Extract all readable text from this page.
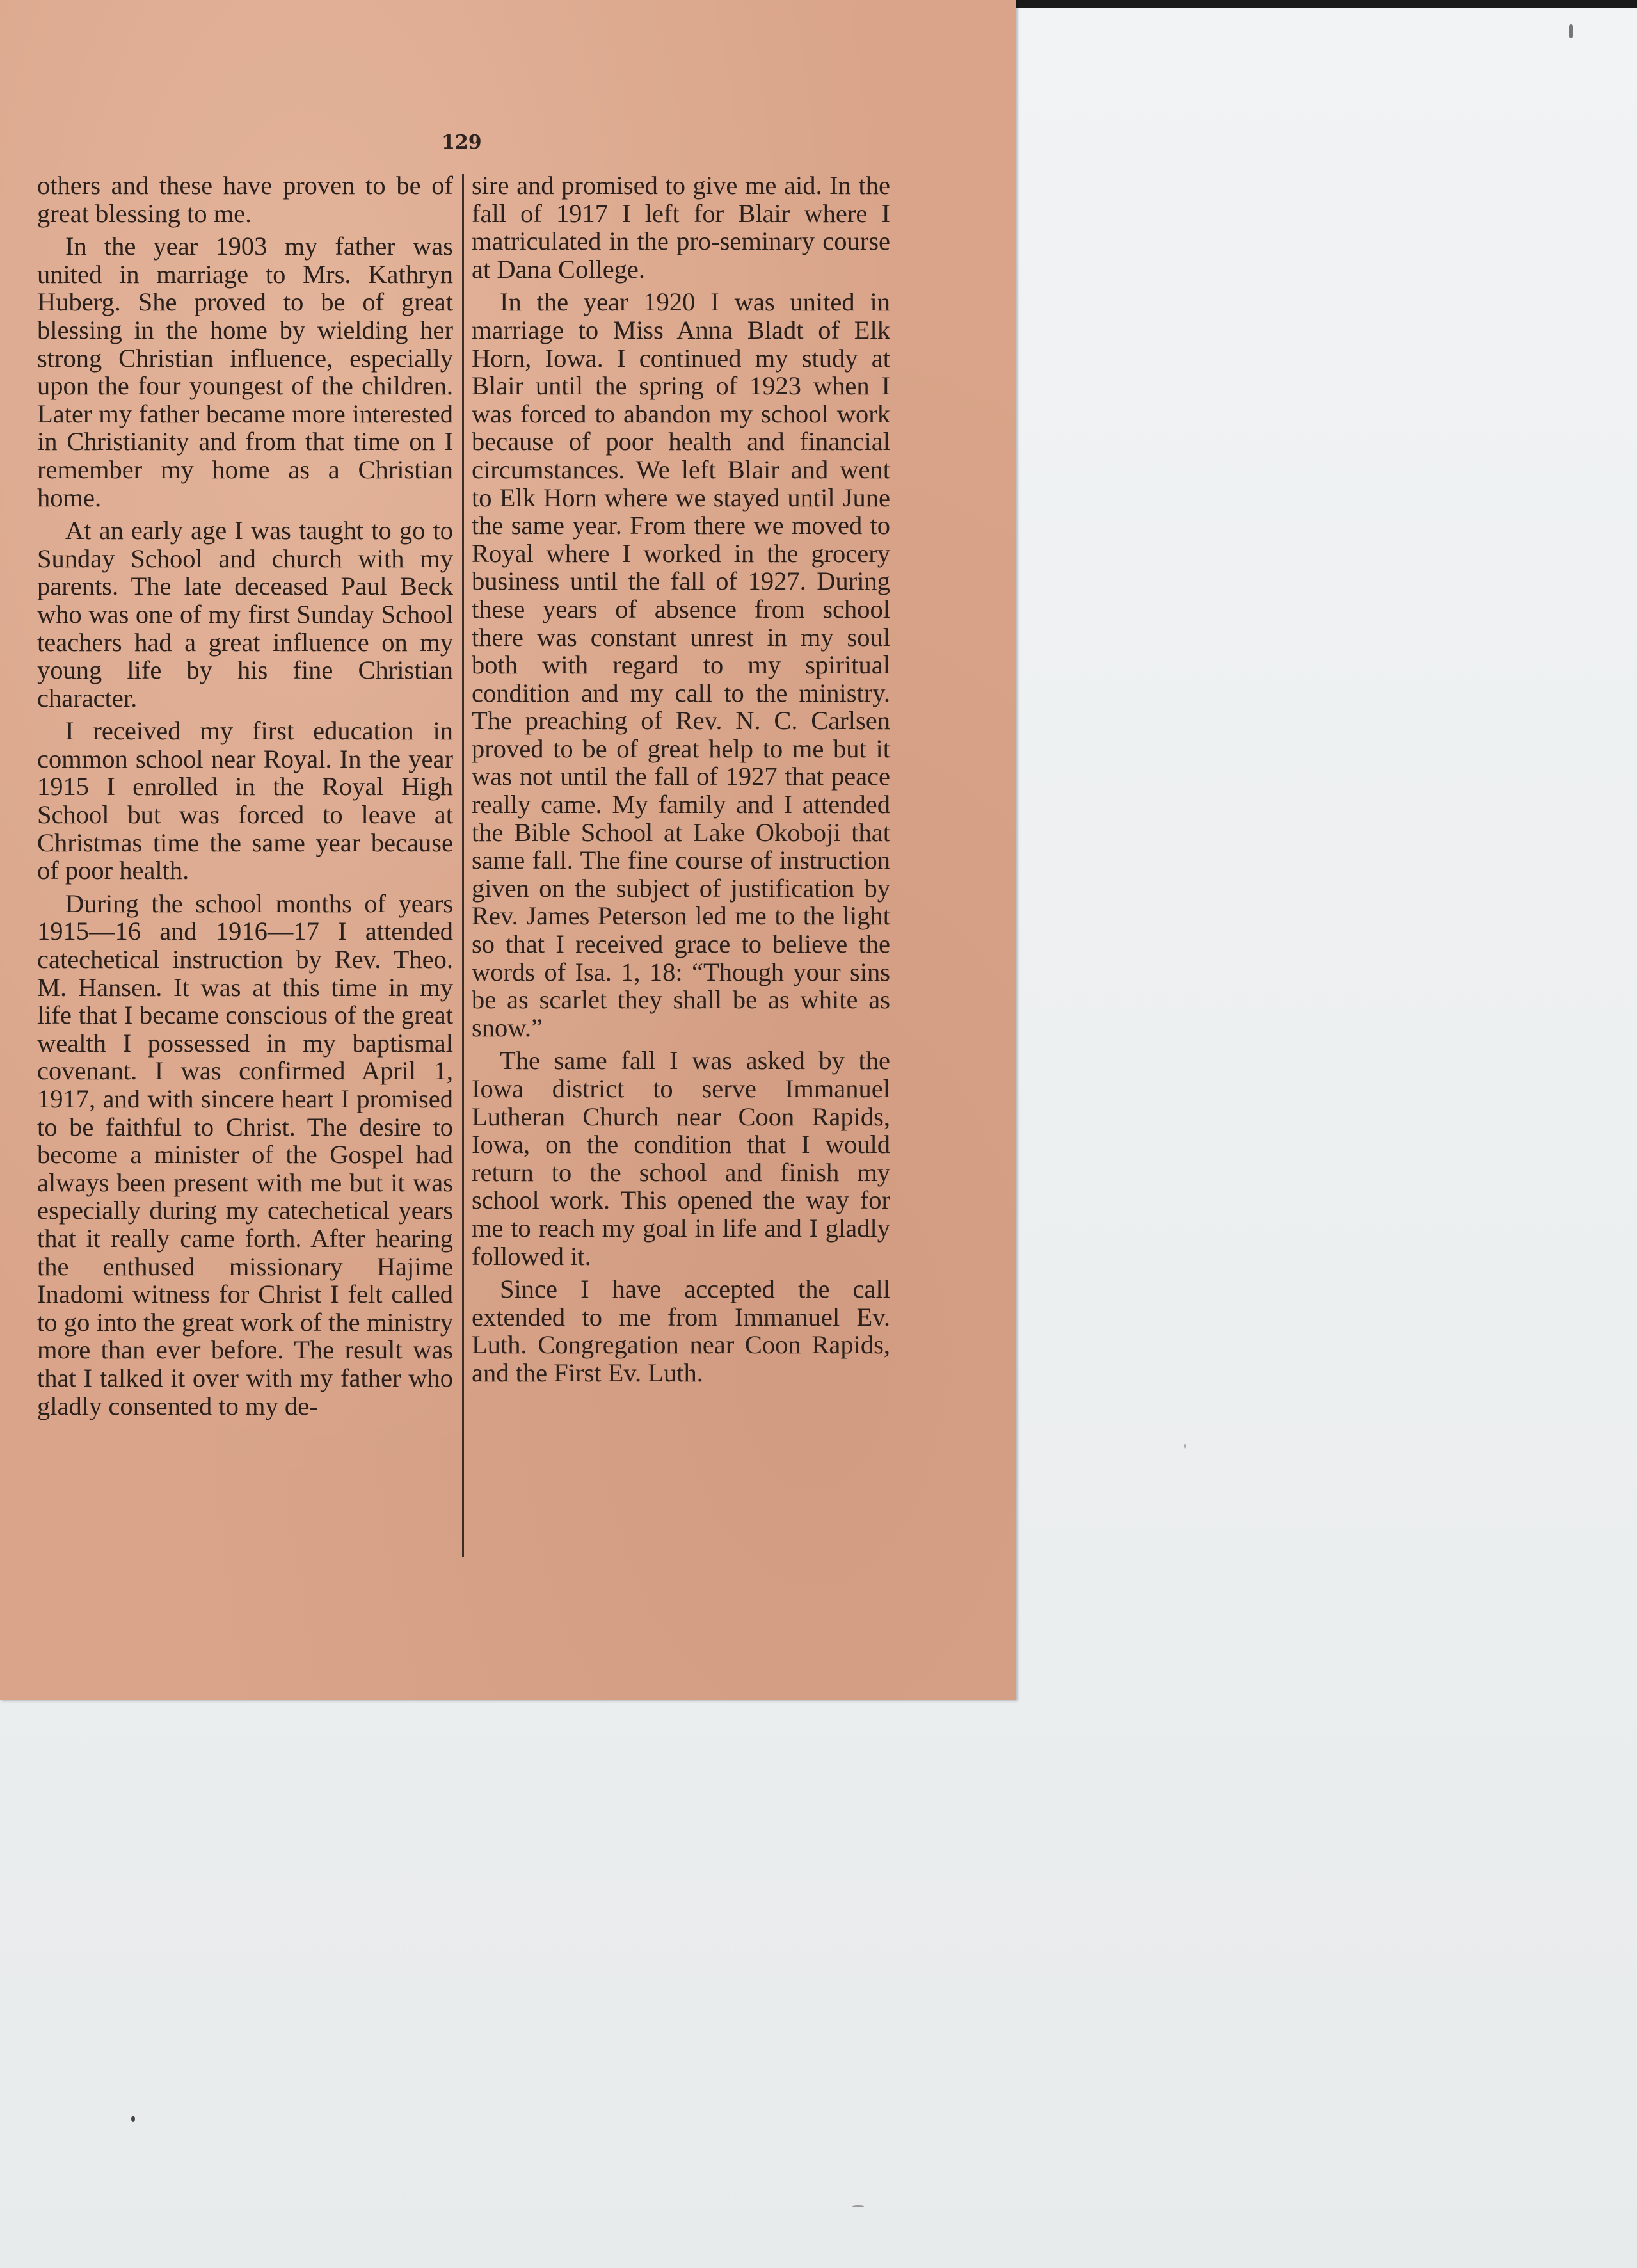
129

others and these have proven to be of great blessing to me.

In the year 1903 my father was united in marriage to Mrs. Kathryn Huberg. She proved to be of great blessing in the home by wielding her strong Christian influence, especially upon the four youngest of the children. Later my father became more interested in Christianity and from that time on I remember my home as a Christian home.

At an early age I was taught to go to Sunday School and church with my parents. The late deceased Paul Beck who was one of my first Sunday School teachers had a great influence on my young life by his fine Christian character.

I received my first education in common school near Royal. In the year 1915 I enrolled in the Royal High School but was forced to leave at Christmas time the same year because of poor health.

During the school months of years 1915—16 and 1916—17 I attended catechetical instruction by Rev. Theo. M. Hansen. It was at this time in my life that I became conscious of the great wealth I possessed in my baptismal covenant. I was confirmed April 1, 1917, and with sincere heart I promised to be faithful to Christ. The desire to become a minister of the Gospel had always been present with me but it was especially during my catechetical years that it really came forth. After hearing the enthused missionary Hajime Inadomi witness for Christ I felt called to go into the great work of the ministry more than ever before. The result was that I talked it over with my father who gladly consented to my de-

sire and promised to give me aid. In the fall of 1917 I left for Blair where I matriculated in the pro-seminary course at Dana College.

In the year 1920 I was united in marriage to Miss Anna Bladt of Elk Horn, Iowa. I continued my study at Blair until the spring of 1923 when I was forced to abandon my school work because of poor health and financial circumstances. We left Blair and went to Elk Horn where we stayed until June the same year. From there we moved to Royal where I worked in the grocery business until the fall of 1927. During these years of absence from school there was constant unrest in my soul both with regard to my spiritual condition and my call to the ministry. The preaching of Rev. N. C. Carlsen proved to be of great help to me but it was not until the fall of 1927 that peace really came. My family and I attended the Bible School at Lake Okoboji that same fall. The fine course of instruction given on the subject of justification by Rev. James Peterson led me to the light so that I received grace to believe the words of Isa. 1, 18: “Though your sins be as scarlet they shall be as white as snow.”

The same fall I was asked by the Iowa district to serve Immanuel Lutheran Church near Coon Rapids, Iowa, on the condition that I would return to the school and finish my school work. This opened the way for me to reach my goal in life and I gladly followed it.

Since I have accepted the call extended to me from Immanuel Ev. Luth. Congregation near Coon Rapids, and the First Ev. Luth.
